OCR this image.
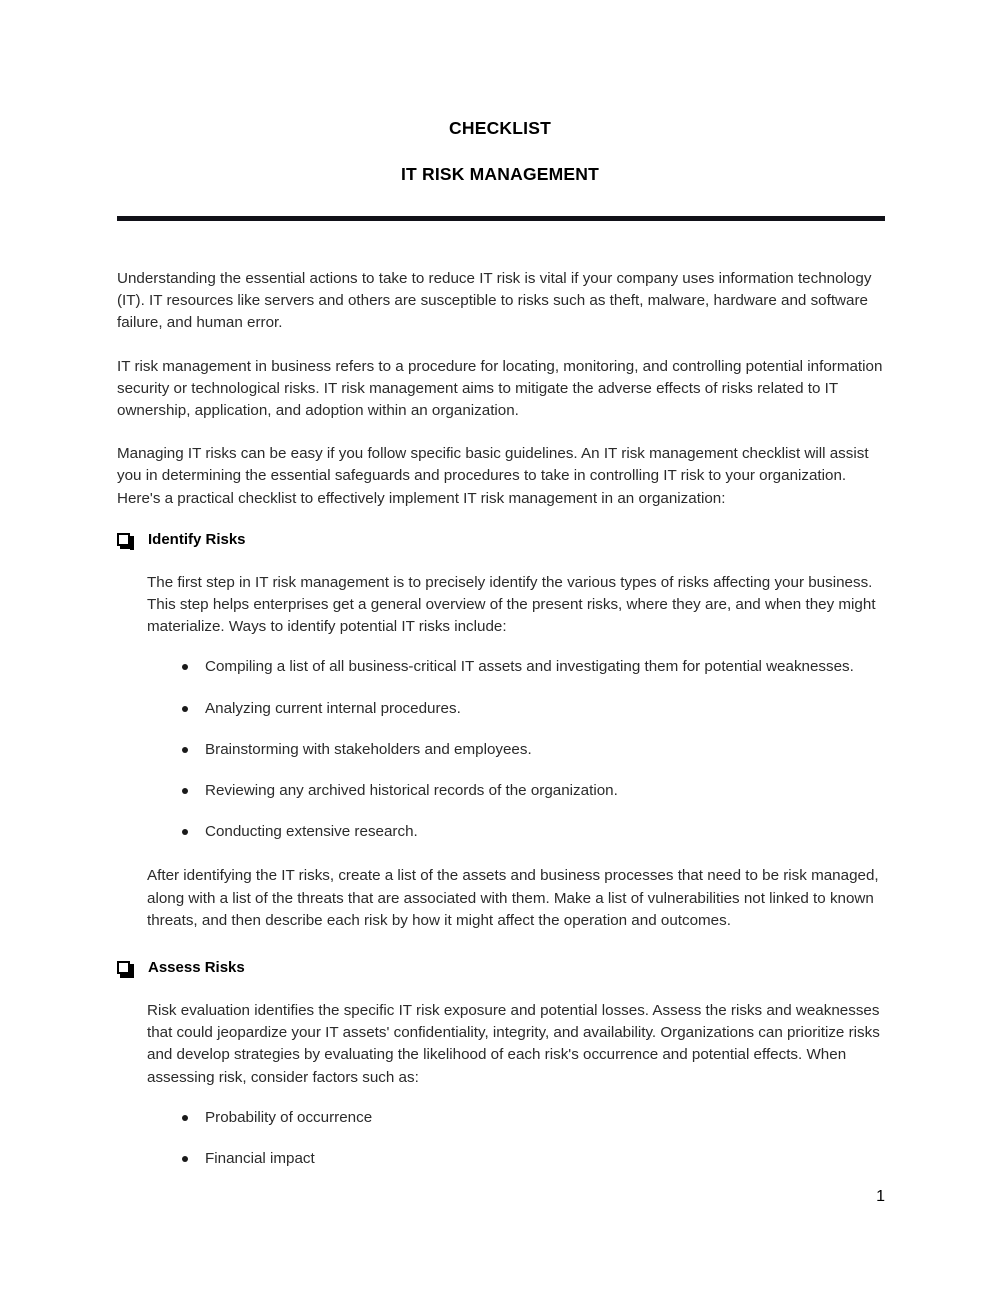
CHECKLIST
IT RISK MANAGEMENT

Understanding the essential actions to take to reduce IT risk is vital if your company uses information technology (IT). IT resources like servers and others are susceptible to risks such as theft, malware, hardware and software failure, and human error.

IT risk management in business refers to a procedure for locating, monitoring, and controlling potential information security or technological risks. IT risk management aims to mitigate the adverse effects of risks related to IT ownership, application, and adoption within an organization.

Managing IT risks can be easy if you follow specific basic guidelines. An IT risk management checklist will assist you in determining the essential safeguards and procedures to take in controlling IT risk to your organization. Here's a practical checklist to effectively implement IT risk management in an organization:

Identify Risks

The first step in IT risk management is to precisely identify the various types of risks affecting your business. This step helps enterprises get a general overview of the present risks, where they are, and when they might materialize. Ways to identify potential IT risks include:

Compiling a list of all business-critical IT assets and investigating them for potential weaknesses.
Analyzing current internal procedures.
Brainstorming with stakeholders and employees.
Reviewing any archived historical records of the organization.
Conducting extensive research.

After identifying the IT risks, create a list of the assets and business processes that need to be risk managed, along with a list of the threats that are associated with them. Make a list of vulnerabilities not linked to known threats, and then describe each risk by how it might affect the operation and outcomes.

Assess Risks

Risk evaluation identifies the specific IT risk exposure and potential losses. Assess the risks and weaknesses that could jeopardize your IT assets' confidentiality, integrity, and availability. Organizations can prioritize risks and develop strategies by evaluating the likelihood of each risk's occurrence and potential effects. When assessing risk, consider factors such as:

Probability of occurrence
Financial impact
1
